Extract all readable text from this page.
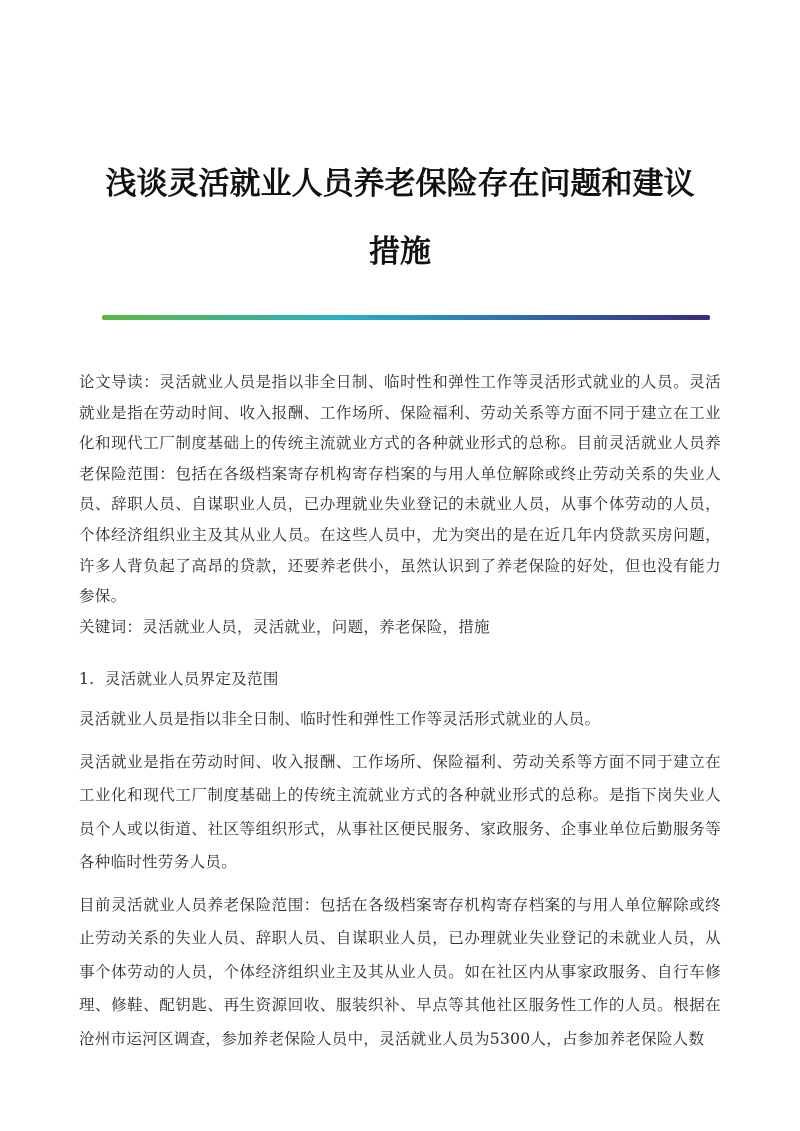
浅谈灵活就业人员养老保险存在问题和建议
措施

论文导读：灵活就业人员是指以非全日制、临时性和弹性工作等灵活形式就业的人员。灵活就业是指在劳动时间、收入报酬、工作场所、保险福利、劳动关系等方面不同于建立在工业化和现代工厂制度基础上的传统主流就业方式的各种就业形式的总称。目前灵活就业人员养老保险范围：包括在各级档案寄存机构寄存档案的与用人单位解除或终止劳动关系的失业人员、辞职人员、自谋职业人员，已办理就业失业登记的未就业人员，从事个体劳动的人员，个体经济组织业主及其从业人员。在这些人员中，尤为突出的是在近几年内贷款买房问题，许多人背负起了高昂的贷款，还要养老供小，虽然认识到了养老保险的好处，但也没有能力参保。

关键词：灵活就业人员，灵活就业，问题，养老保险，措施

1.  灵活就业人员界定及范围

灵活就业人员是指以非全日制、临时性和弹性工作等灵活形式就业的人员。

灵活就业是指在劳动时间、收入报酬、工作场所、保险福利、劳动关系等方面不同于建立在工业化和现代工厂制度基础上的传统主流就业方式的各种就业形式的总称。是指下岗失业人员个人或以街道、社区等组织形式，从事社区便民服务、家政服务、企事业单位后勤服务等各种临时性劳务人员。

目前灵活就业人员养老保险范围：包括在各级档案寄存机构寄存档案的与用人单位解除或终止劳动关系的失业人员、辞职人员、自谋职业人员，已办理就业失业登记的未就业人员，从事个体劳动的人员，个体经济组织业主及其从业人员。如在社区内从事家政服务、自行车修理、修鞋、配钥匙、再生资源回收、服装织补、早点等其他社区服务性工作的人员。根据在沧州市运河区调查，参加养老保险人员中，灵活就业人员为5300人，占参加养老保险人数
